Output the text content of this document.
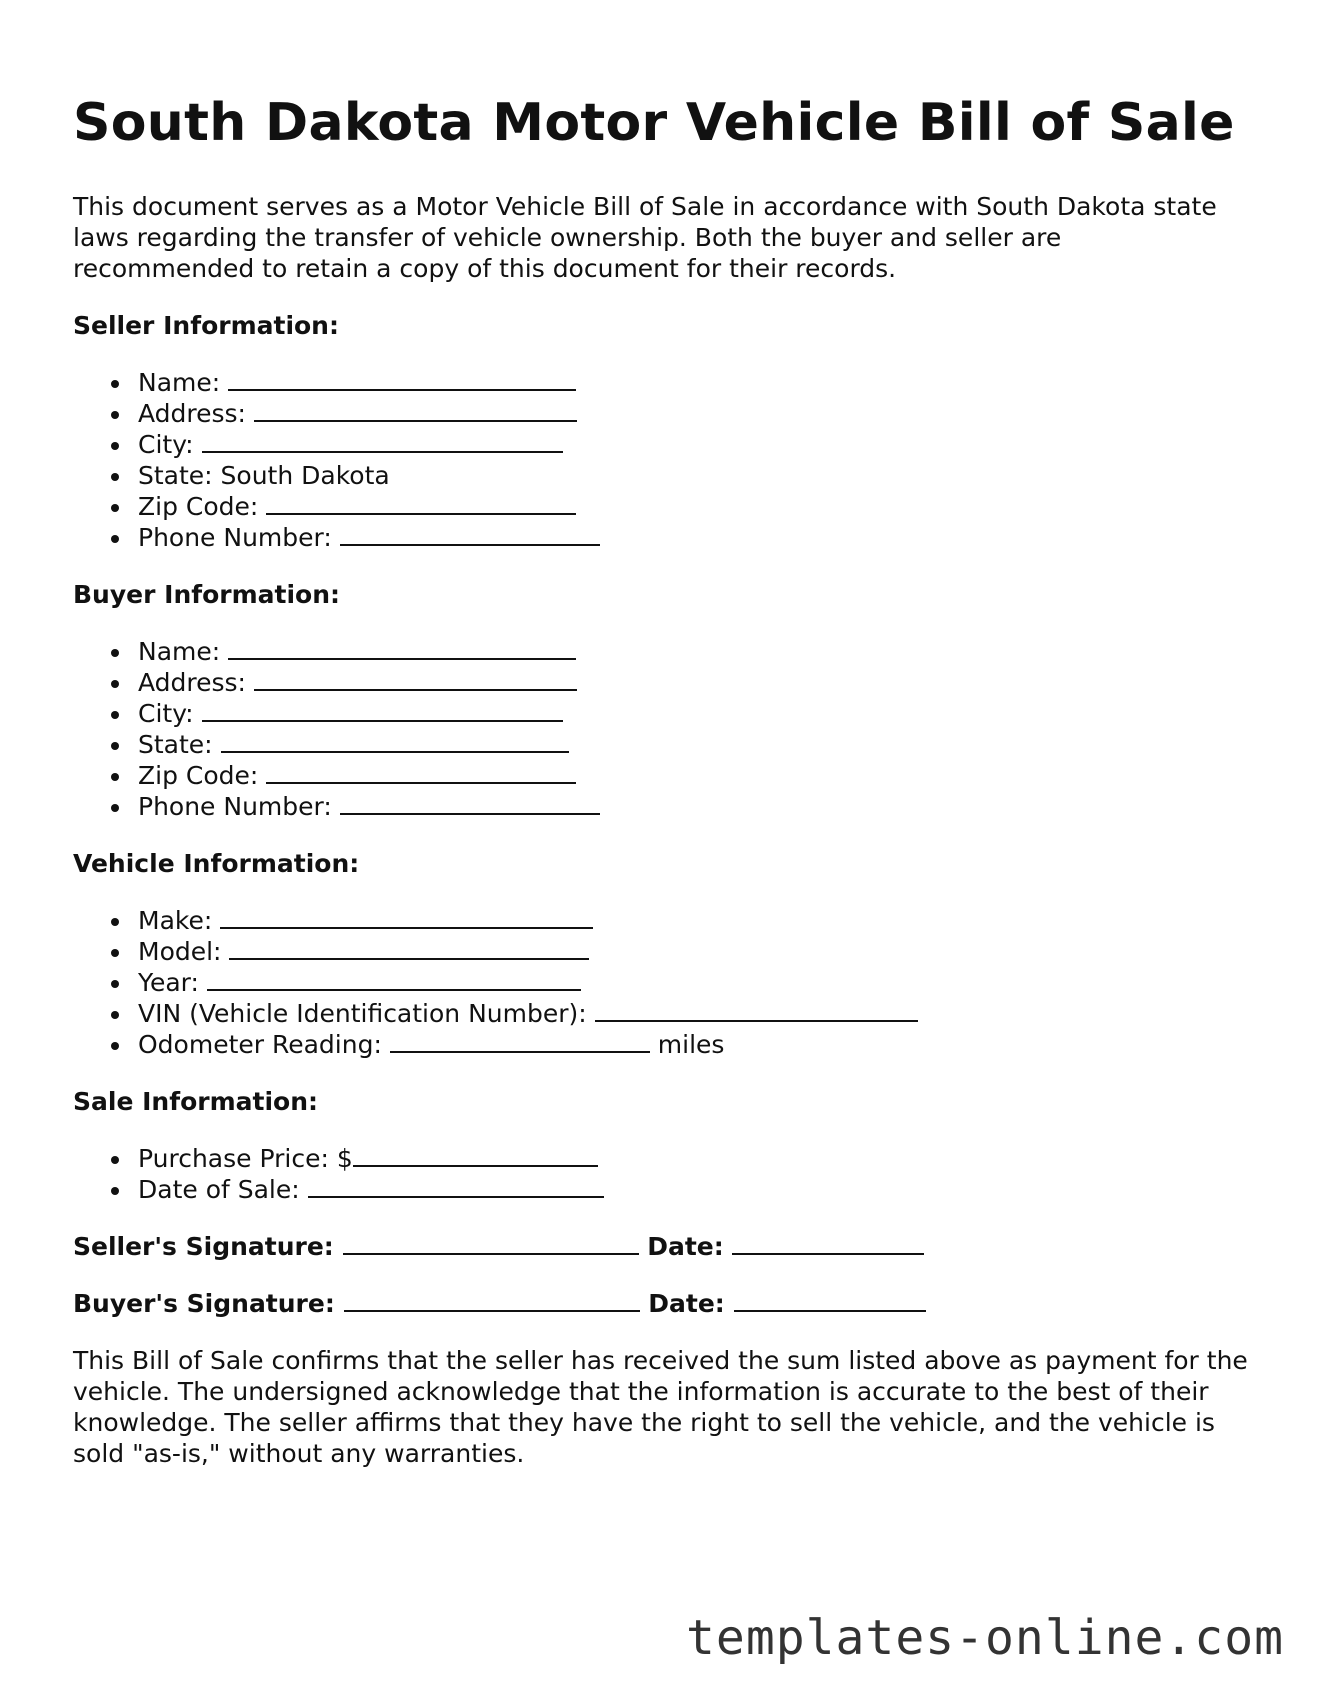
South Dakota Motor Vehicle Bill of Sale

This document serves as a Motor Vehicle Bill of Sale in accordance with South Dakota state laws regarding the transfer of vehicle ownership. Both the buyer and seller are recommended to retain a copy of this document for their records.

Seller Information:

Name:
Address:
City:
State: South Dakota
Zip Code:
Phone Number:

Buyer Information:

Name:
Address:
City:
State:
Zip Code:
Phone Number:

Vehicle Information:

Make:
Model:
Year:
VIN (Vehicle Identification Number):
Odometer Reading:	miles

Sale Information:

Purchase Price: $
Date of Sale:

Seller's Signature:	Date:

Buyer's Signature:	Date:

This Bill of Sale confirms that the seller has received the sum listed above as payment for the vehicle. The undersigned acknowledge that the information is accurate to the best of their knowledge. The seller affirms that they have the right to sell the vehicle, and the vehicle is sold "as-is," without any warranties.

templates-online.com
